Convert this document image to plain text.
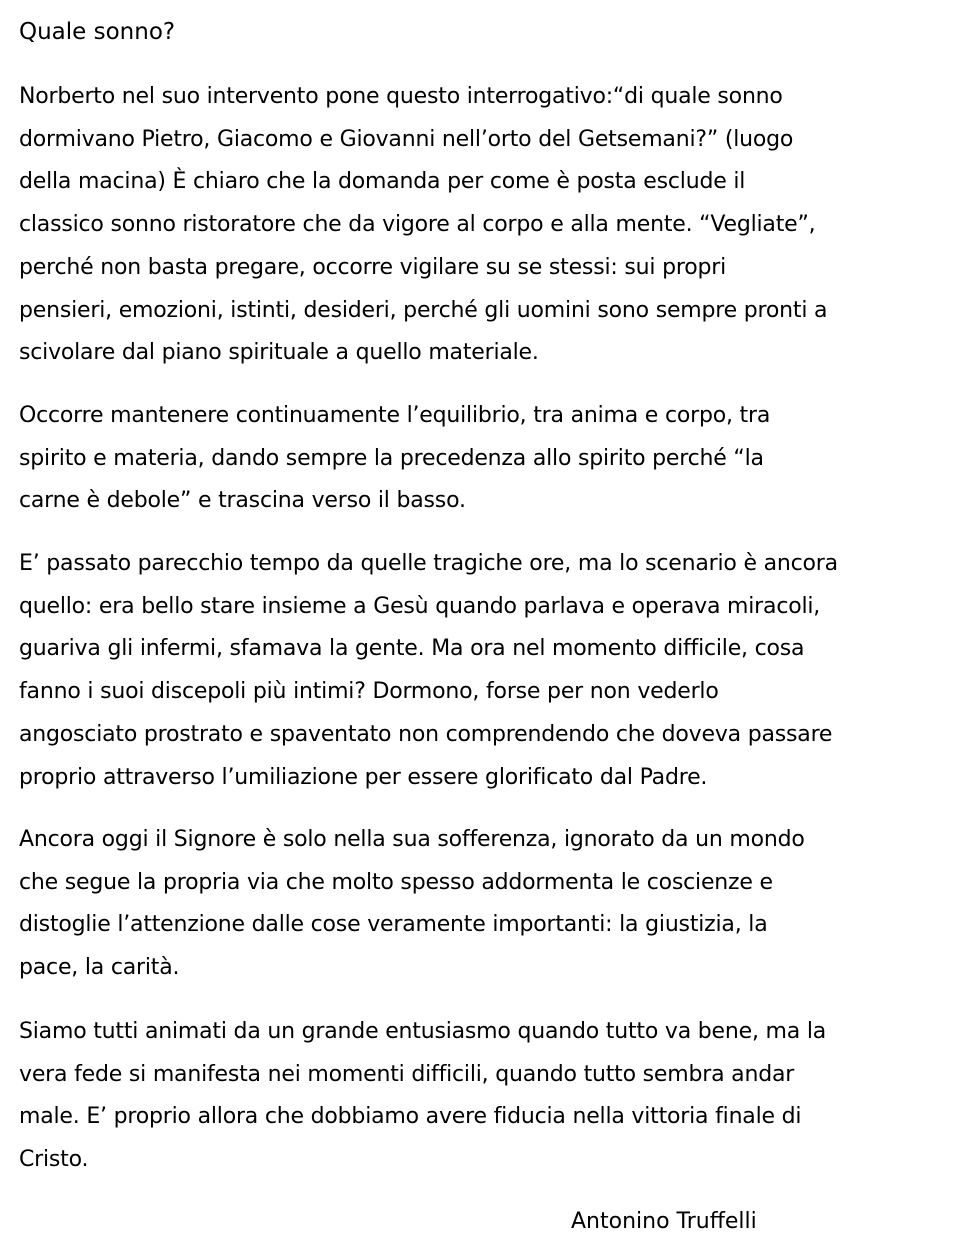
Quale sonno?
Norberto nel suo intervento pone questo interrogativo:“di quale sonno
dormivano Pietro, Giacomo e Giovanni nell’orto del Getsemani?” (luogo
della macina) È chiaro che la domanda per come è posta esclude il
classico sonno ristoratore che da vigore al corpo e alla mente. “Vegliate”,
perché non basta pregare, occorre vigilare su se stessi: sui propri
pensieri, emozioni, istinti, desideri, perché gli uomini sono sempre pronti a
scivolare dal piano spirituale a quello materiale.
Occorre mantenere continuamente l’equilibrio, tra anima e corpo, tra
spirito e materia, dando sempre la precedenza allo spirito perché “la
carne è debole” e trascina verso il basso.
E’ passato parecchio tempo da quelle tragiche ore, ma lo scenario è ancora
quello: era bello stare insieme a Gesù quando parlava e operava miracoli,
guariva gli infermi, sfamava la gente. Ma ora nel momento difficile, cosa
fanno i suoi discepoli più intimi? Dormono, forse per non vederlo
angosciato prostrato e spaventato non comprendendo che doveva passare
proprio attraverso l’umiliazione per essere glorificato dal Padre.
Ancora oggi il Signore è solo nella sua sofferenza, ignorato da un mondo
che segue la propria via che molto spesso addormenta le coscienze e
distoglie l’attenzione dalle cose veramente importanti: la giustizia, la
pace, la carità.
Siamo tutti animati da un grande entusiasmo quando tutto va bene, ma la
vera fede si manifesta nei momenti difficili, quando tutto sembra andar
male. E’ proprio allora che dobbiamo avere fiducia nella vittoria finale di
Cristo.

Antonino Truffelli
